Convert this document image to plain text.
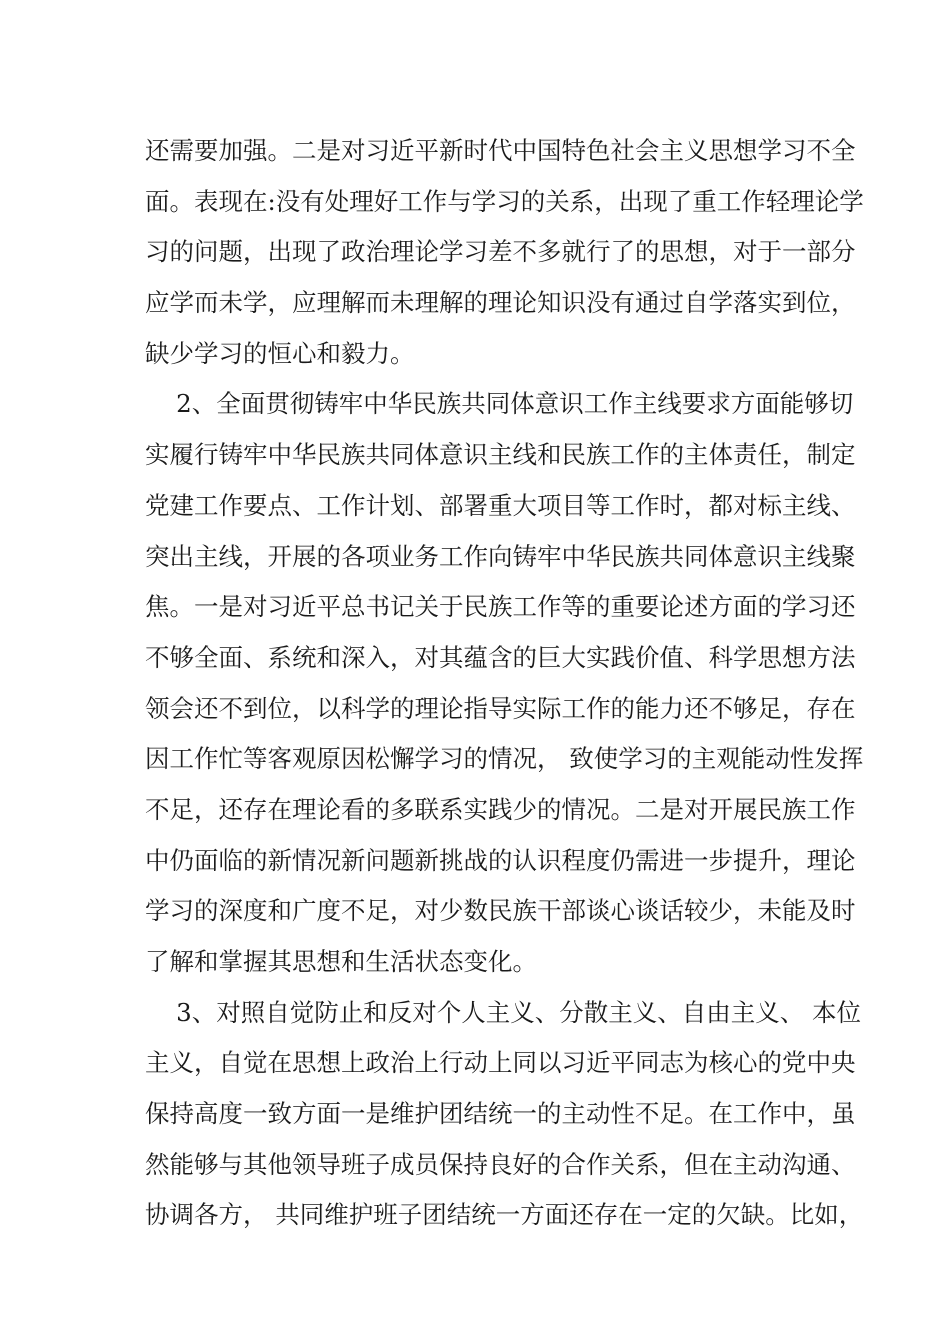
还需要加强。二是对习近平新时代中国特色社会主义思想学习不全
面。表现在:没有处理好工作与学习的关系，出现了重工作轻理论学
习的问题，出现了政治理论学习差不多就行了的思想，对于一部分
应学而未学，应理解而未理解的理论知识没有通过自学落实到位，
缺少学习的恒心和毅力。
2、全面贯彻铸牢中华民族共同体意识工作主线要求方面能够切
实履行铸牢中华民族共同体意识主线和民族工作的主体责任，制定
党建工作要点、工作计划、部署重大项目等工作时，都对标主线、
突出主线，开展的各项业务工作向铸牢中华民族共同体意识主线聚
焦。一是对习近平总书记关于民族工作等的重要论述方面的学习还
不够全面、系统和深入，对其蕴含的巨大实践价值、科学思想方法
领会还不到位，以科学的理论指导实际工作的能力还不够足，存在
因工作忙等客观原因松懈学习的情况， 致使学习的主观能动性发挥
不足，还存在理论看的多联系实践少的情况。二是对开展民族工作
中仍面临的新情况新问题新挑战的认识程度仍需进一步提升，理论
学习的深度和广度不足，对少数民族干部谈心谈话较少，未能及时
了解和掌握其思想和生活状态变化。
3、对照自觉防止和反对个人主义、分散主义、自由主义、 本位
主义，自觉在思想上政治上行动上同以习近平同志为核心的党中央
保持高度一致方面一是维护团结统一的主动性不足。在工作中，虽
然能够与其他领导班子成员保持良好的合作关系，但在主动沟通、
协调各方， 共同维护班子团结统一方面还存在一定的欠缺。比如，
